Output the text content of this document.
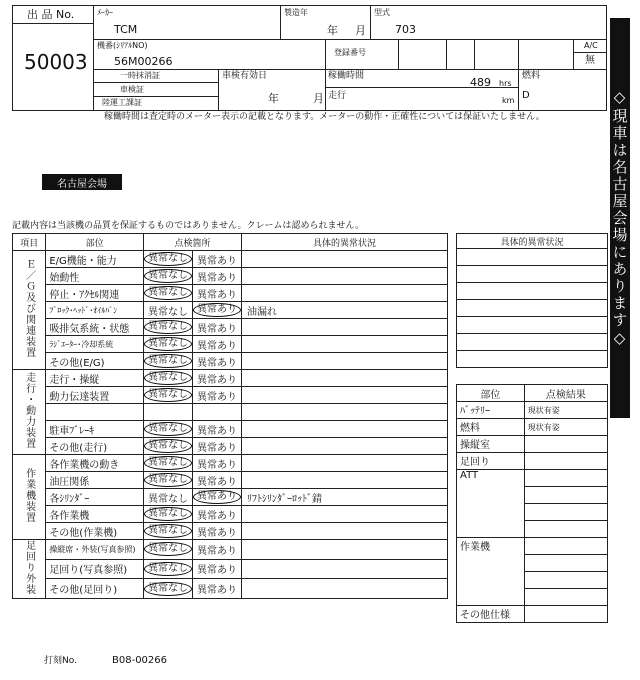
出 品 No.
50003
ﾒｰｶｰ
TCM
製造年
年 月
型式
703
機番(ｼﾘｱﾙNO)
56M00266
登録番号
A/C
無
一時抹消証
車検証
陸運工課証
車検有効日
年	月
稼働時間	489 hrs
走行	km
燃料
D
稼働時間は査定時のメーター表示の記載となります。メーターの動作・正確性については保証いたしません。
名古屋会場	◇現車は名古屋会場にあります◇
記載内容は当該機の品質を保証するものではありません。クレームは認められません。
項目	部位	点検箇所		具体的異常状況
Ｅ／Ｇ及び関連装置	E/G機能・能力	異常なし	異常あり	
	始動性	異常なし	異常あり	
	停止・ｱｸｾﾙ関連	異常なし	異常あり	
	ﾌﾞﾛｯｸ･ﾍｯﾄﾞ･ｵｲﾙﾊﾟﾝ	異常なし	異常あり	油漏れ
	吸排気系統・状態	異常なし	異常あり	
	ﾗｼﾞｴｰﾀｰ･冷却系統	異常なし	異常あり	
	その他(E/G)	異常なし	異常あり	
走行・動力装置	走行・操縦	異常なし	異常あり	
	動力伝達装置	異常なし	異常あり	

	駐車ﾌﾞﾚｰｷ	異常なし	異常あり	
	その他(走行)	異常なし	異常あり	
作業機装置	各作業機の動き	異常なし	異常あり	
	油圧関係	異常なし	異常あり	
	各ｼﾘﾝﾀﾞｰ	異常なし	異常あり	ﾘﾌﾄｼﾘﾝﾀﾞｰﾛｯﾄﾞ錆
	各作業機	異常なし	異常あり	
	その他(作業機)	異常なし	異常あり	
足回り外装	操縦席・外装(写真参照)	異常なし	異常あり	
	足回り(写真参照)	異常なし	異常あり	
	その他(足回り)	異常なし	異常あり	
具体的異常状況

部位	点検結果
ﾊﾞｯﾃﾘｰ	現状有姿
燃料	現状有姿
操縦室	
足回り	
ATT	

作業機	

その他仕様	
打刻No.	B08-00266
